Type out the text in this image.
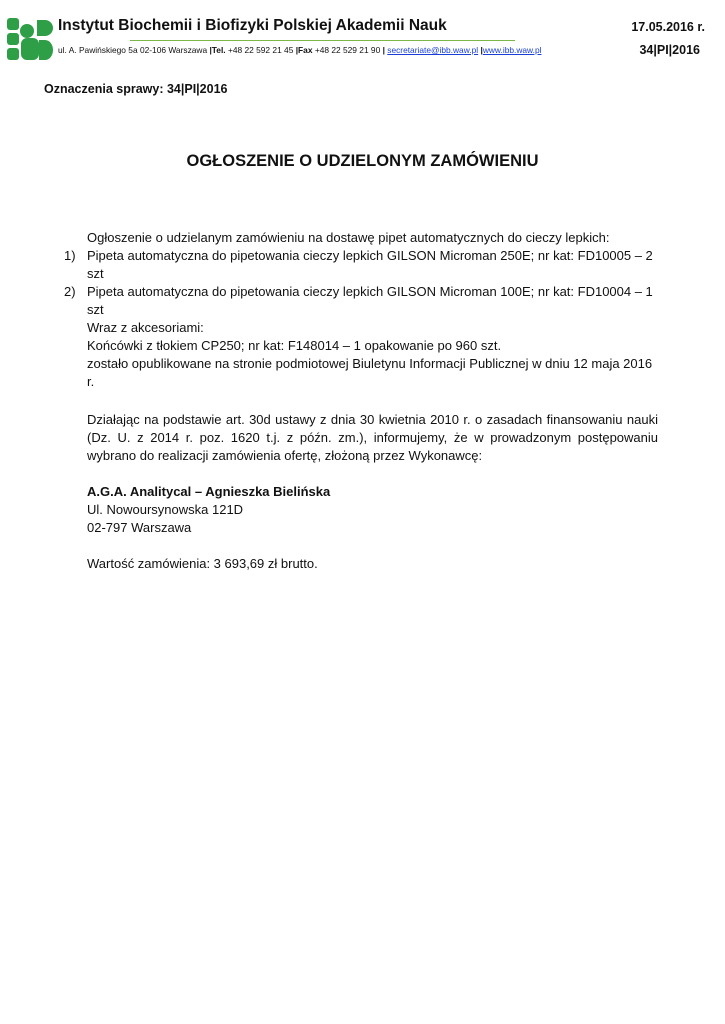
Instytut Biochemii i Biofizyki Polskiej Akademii Nauk
ul. A. Pawińskiego 5a 02-106 Warszawa |Tel. +48 22 592 21 45 |Fax +48 22 529 21 90 | secretariate@ibb.waw.pl |www.ibb.waw.pl
17.05.2016 r.
34|PI|2016
Oznaczenia sprawy: 34|PI|2016
OGŁOSZENIE O UDZIELONYM ZAMÓWIENIU
Ogłoszenie o udzielanym zamówieniu na dostawę pipet automatycznych do cieczy lepkich:
1) Pipeta automatyczna do pipetowania cieczy lepkich GILSON Microman 250E; nr kat: FD10005 – 2 szt
2) Pipeta automatyczna do pipetowania cieczy lepkich GILSON Microman 100E; nr kat: FD10004 – 1 szt
Wraz z akcesoriami:
Końcówki z tłokiem CP250; nr kat: F148014 – 1 opakowanie po 960 szt.
zostało opublikowane na stronie podmiotowej Biuletynu Informacji Publicznej w dniu 12 maja 2016 r.
Działając na podstawie art. 30d ustawy z dnia 30 kwietnia 2010 r. o zasadach finansowaniu nauki (Dz. U. z 2014 r. poz. 1620 t.j. z późn. zm.), informujemy, że w prowadzonym postępowaniu wybrano do realizacji zamówienia ofertę, złożoną przez Wykonawcę:
A.G.A. Analitycal – Agnieszka Bielińska
Ul. Nowoursynowska 121D
02-797 Warszawa
Wartość zamówienia: 3 693,69 zł brutto.
